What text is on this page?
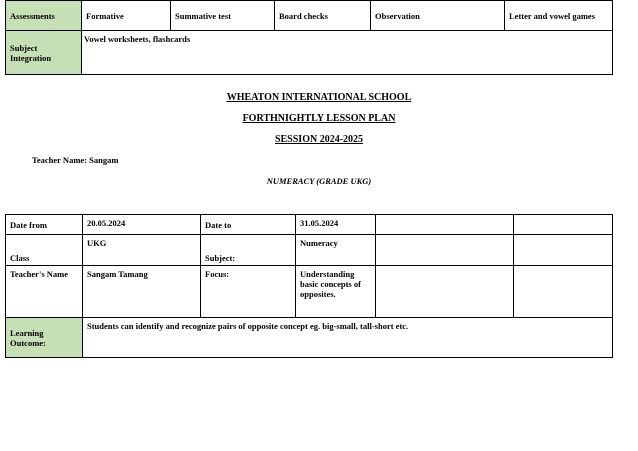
Assessments	Formative	Summative test	Board checks	Observation	Letter and vowel games
Subject Integration	Vowel worksheets, flashcards				
WHEATON INTERNATIONAL SCHOOL
FORTHNIGHTLY LESSON PLAN
SESSION 2024-2025
Teacher Name: Sangam
NUMERACY (GRADE UKG)
Date from	20.05.2024	Date to	31.05.2024		
Class	UKG	Subject:	Numeracy		
Teacher's Name	Sangam Tamang	Focus:	Understanding basic concepts of opposites.		
Learning Outcome:	Students can identify and recognize pairs of opposite concept eg. big-small, tall-short etc.				
